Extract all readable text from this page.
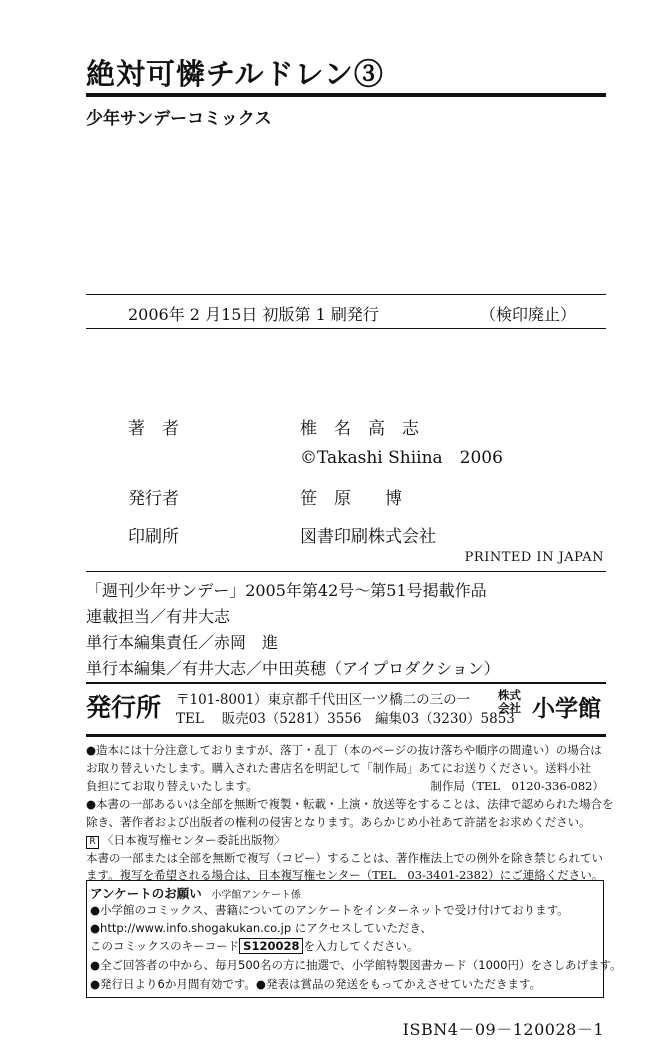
絶対可憐チルドレン③
少年サンデーコミックス
2006年 2 月15日 初版第 1 刷発行	（検印廃止）
著　者	椎　名　高　志
©Takashi Shiina　2006
発行者	笹　原　　博
印刷所	図書印刷株式会社
PRINTED IN JAPAN
「週刊少年サンデー」2005年第42号〜第51号掲載作品
連載担当／有井大志
単行本編集責任／赤岡　進
単行本編集／有井大志／中田英穂（アイプロダクション）
発行所 〒101-8001）東京都千代田区一ツ橋二の三の一
TEL　 販売03（5281）3556　編集03（3230）5853
株式
会社 小学館
●造本には十分注意しておりますが、落丁・乱丁（本のページの抜け落ちや順序の間違い）の場合は
お取り替えいたします。購入された書店名を明記して「制作局」あてにお送りください。送料小社
負担にてお取り替えいたします。	制作局（TEL　0120-336-082）
●本書の一部あるいは全部を無断で複製・転載・上演・放送等をすることは、法律で認められた場合を
除き、著作者および出版者の権利の侵害となります。あらかじめ小社あて許諾をお求めください。
R 〈日本複写権センター委託出版物〉
本書の一部または全部を無断で複写（コピー）することは、著作権法上での例外を除き禁じられてい
ます。複写を希望される場合は、日本複写権センター（TEL　03-3401-2382）にご連絡ください。
アンケートのお願い 小学館アンケート係
●小学館のコミックス、書籍についてのアンケートをインターネットで受け付けております。
●http://www.info.shogakukan.co.jp にアクセスしていただき、
このコミックスのキーコード S120028 を入力してください。
●全ご回答者の中から、毎月500名の方に抽選で、小学館特製図書カード（1000円）をさしあげます。
●発行日より6か月間有効です。●発表は賞品の発送をもってかえさせていただきます。
ISBN4－09－120028－1
